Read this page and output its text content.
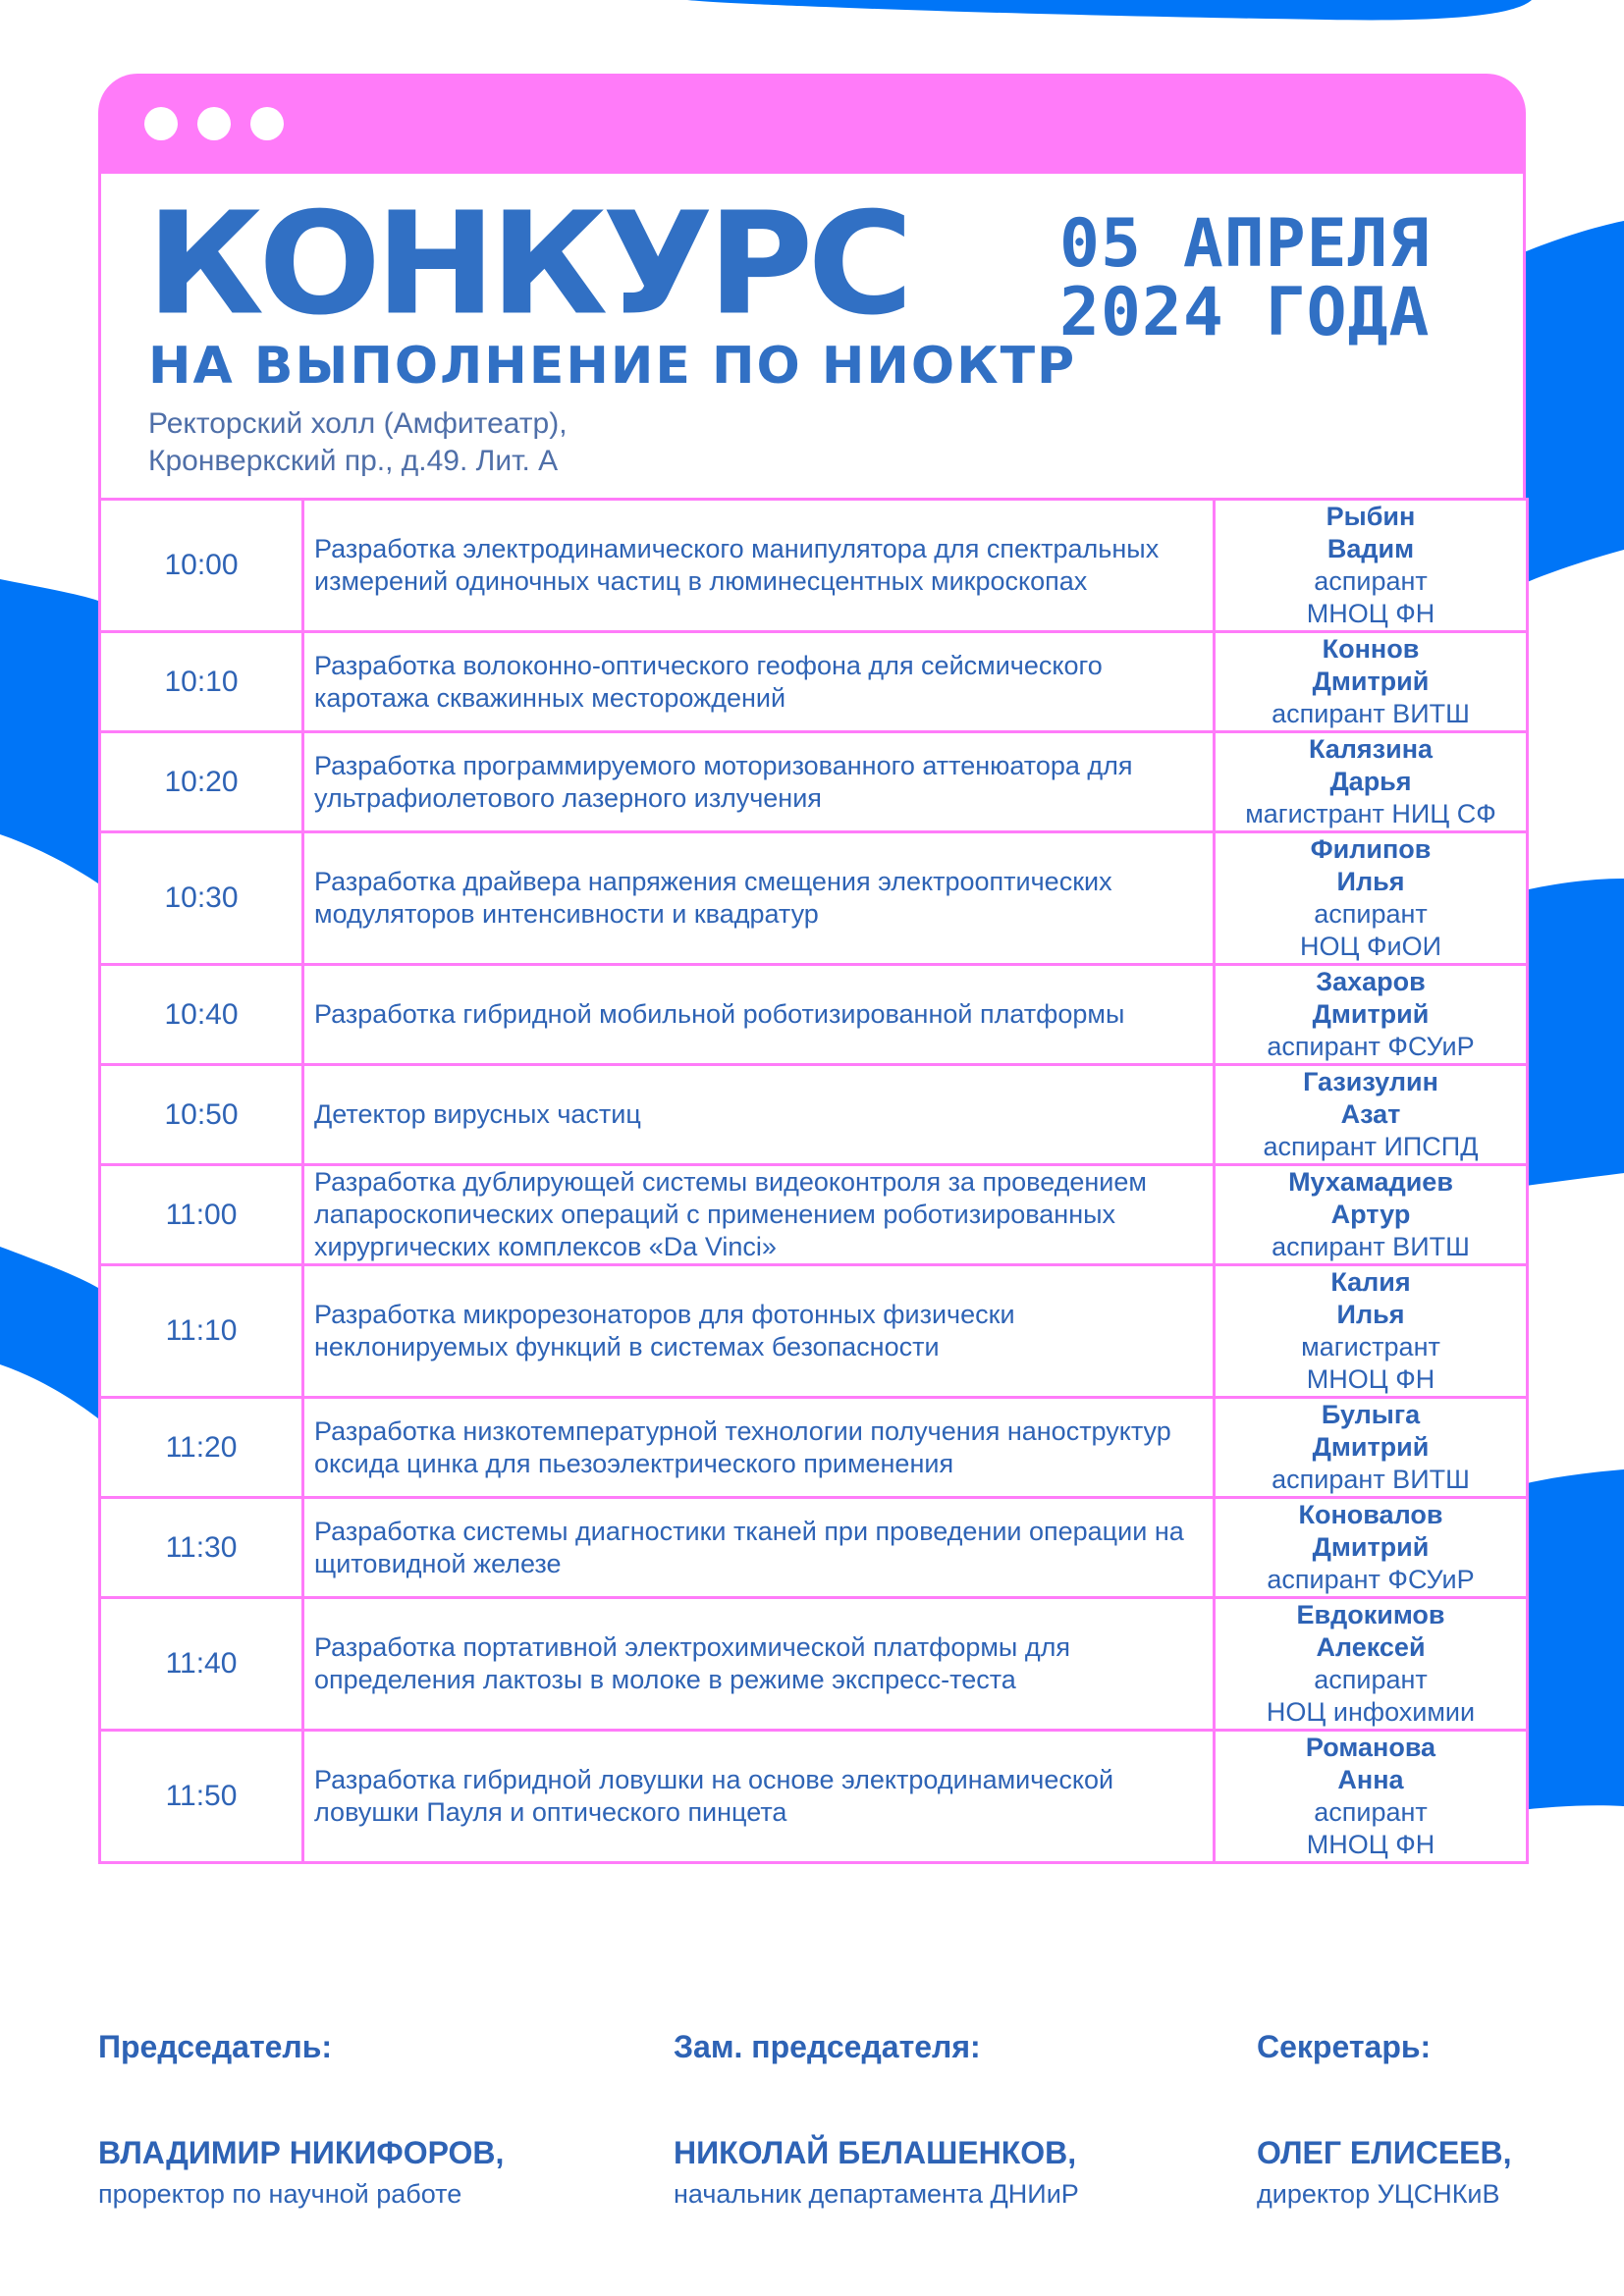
КОНКУРС 05 АПРЕЛЯ
2024 ГОДА
НА ВЫПОЛНЕНИЕ ПО НИОКТР
Ректорский холл (Амфитеатр),
Кронверкский пр., д.49. Лит. А
10:00	Разработка электродинамического манипулятора для спектральных измерений одиночных частиц в люминесцентных микроскопах	Рыбин
Вадим
аспирант
МНОЦ ФН

10:10	Разработка волоконно-оптического геофона для сейсмического каротажа скважинных месторождений	Коннов
Дмитрий
аспирант ВИТШ

10:20	Разработка программируемого моторизованного аттенюатора для ультрафиолетового лазерного излучения	Калязина
Дарья
магистрант НИЦ СФ

10:30	Разработка драйвера напряжения смещения электрооптических модуляторов интенсивности и квадратур	Филипов
Илья
аспирант
НОЦ ФиОИ

10:40	Разработка гибридной мобильной роботизированной платформы	Захаров
Дмитрий
аспирант ФСУиР

10:50	Детектор вирусных частиц	Газизулин
Азат
аспирант ИПСПД

11:00	Разработка дублирующей системы видеоконтроля за проведением лапароскопических операций с применением роботизированных хирургических комплексов «Da Vinci»	Мухамадиев
Артур
аспирант ВИТШ

11:10	Разработка микрорезонаторов для фотонных физически неклонируемых функций в системах безопасности	Калия
Илья
магистрант
МНОЦ ФН

11:20	Разработка низкотемпературной технологии получения наноструктур оксида цинка для пьезоэлектрического применения	Булыга
Дмитрий
аспирант ВИТШ

11:30	Разработка системы диагностики тканей при проведении операции на щитовидной железе	Коновалов
Дмитрий
аспирант ФСУиР

11:40	Разработка портативной электрохимической платформы для определения лактозы в молоке в режиме экспресс-теста	Евдокимов
Алексей
аспирант
НОЦ инфохимии

11:50	Разработка гибридной ловушки на основе электродинамической ловушки Пауля и оптического пинцета	Романова
Анна
аспирант
МНОЦ ФН
Председатель:
ВЛАДИМИР НИКИФОРОВ,
проректор по научной работе
Зам. председателя:
НИКОЛАЙ БЕЛАШЕНКОВ,
начальник департамента ДНИиР
Секретарь:
ОЛЕГ ЕЛИСЕЕВ,
директор УЦСНКиВ
